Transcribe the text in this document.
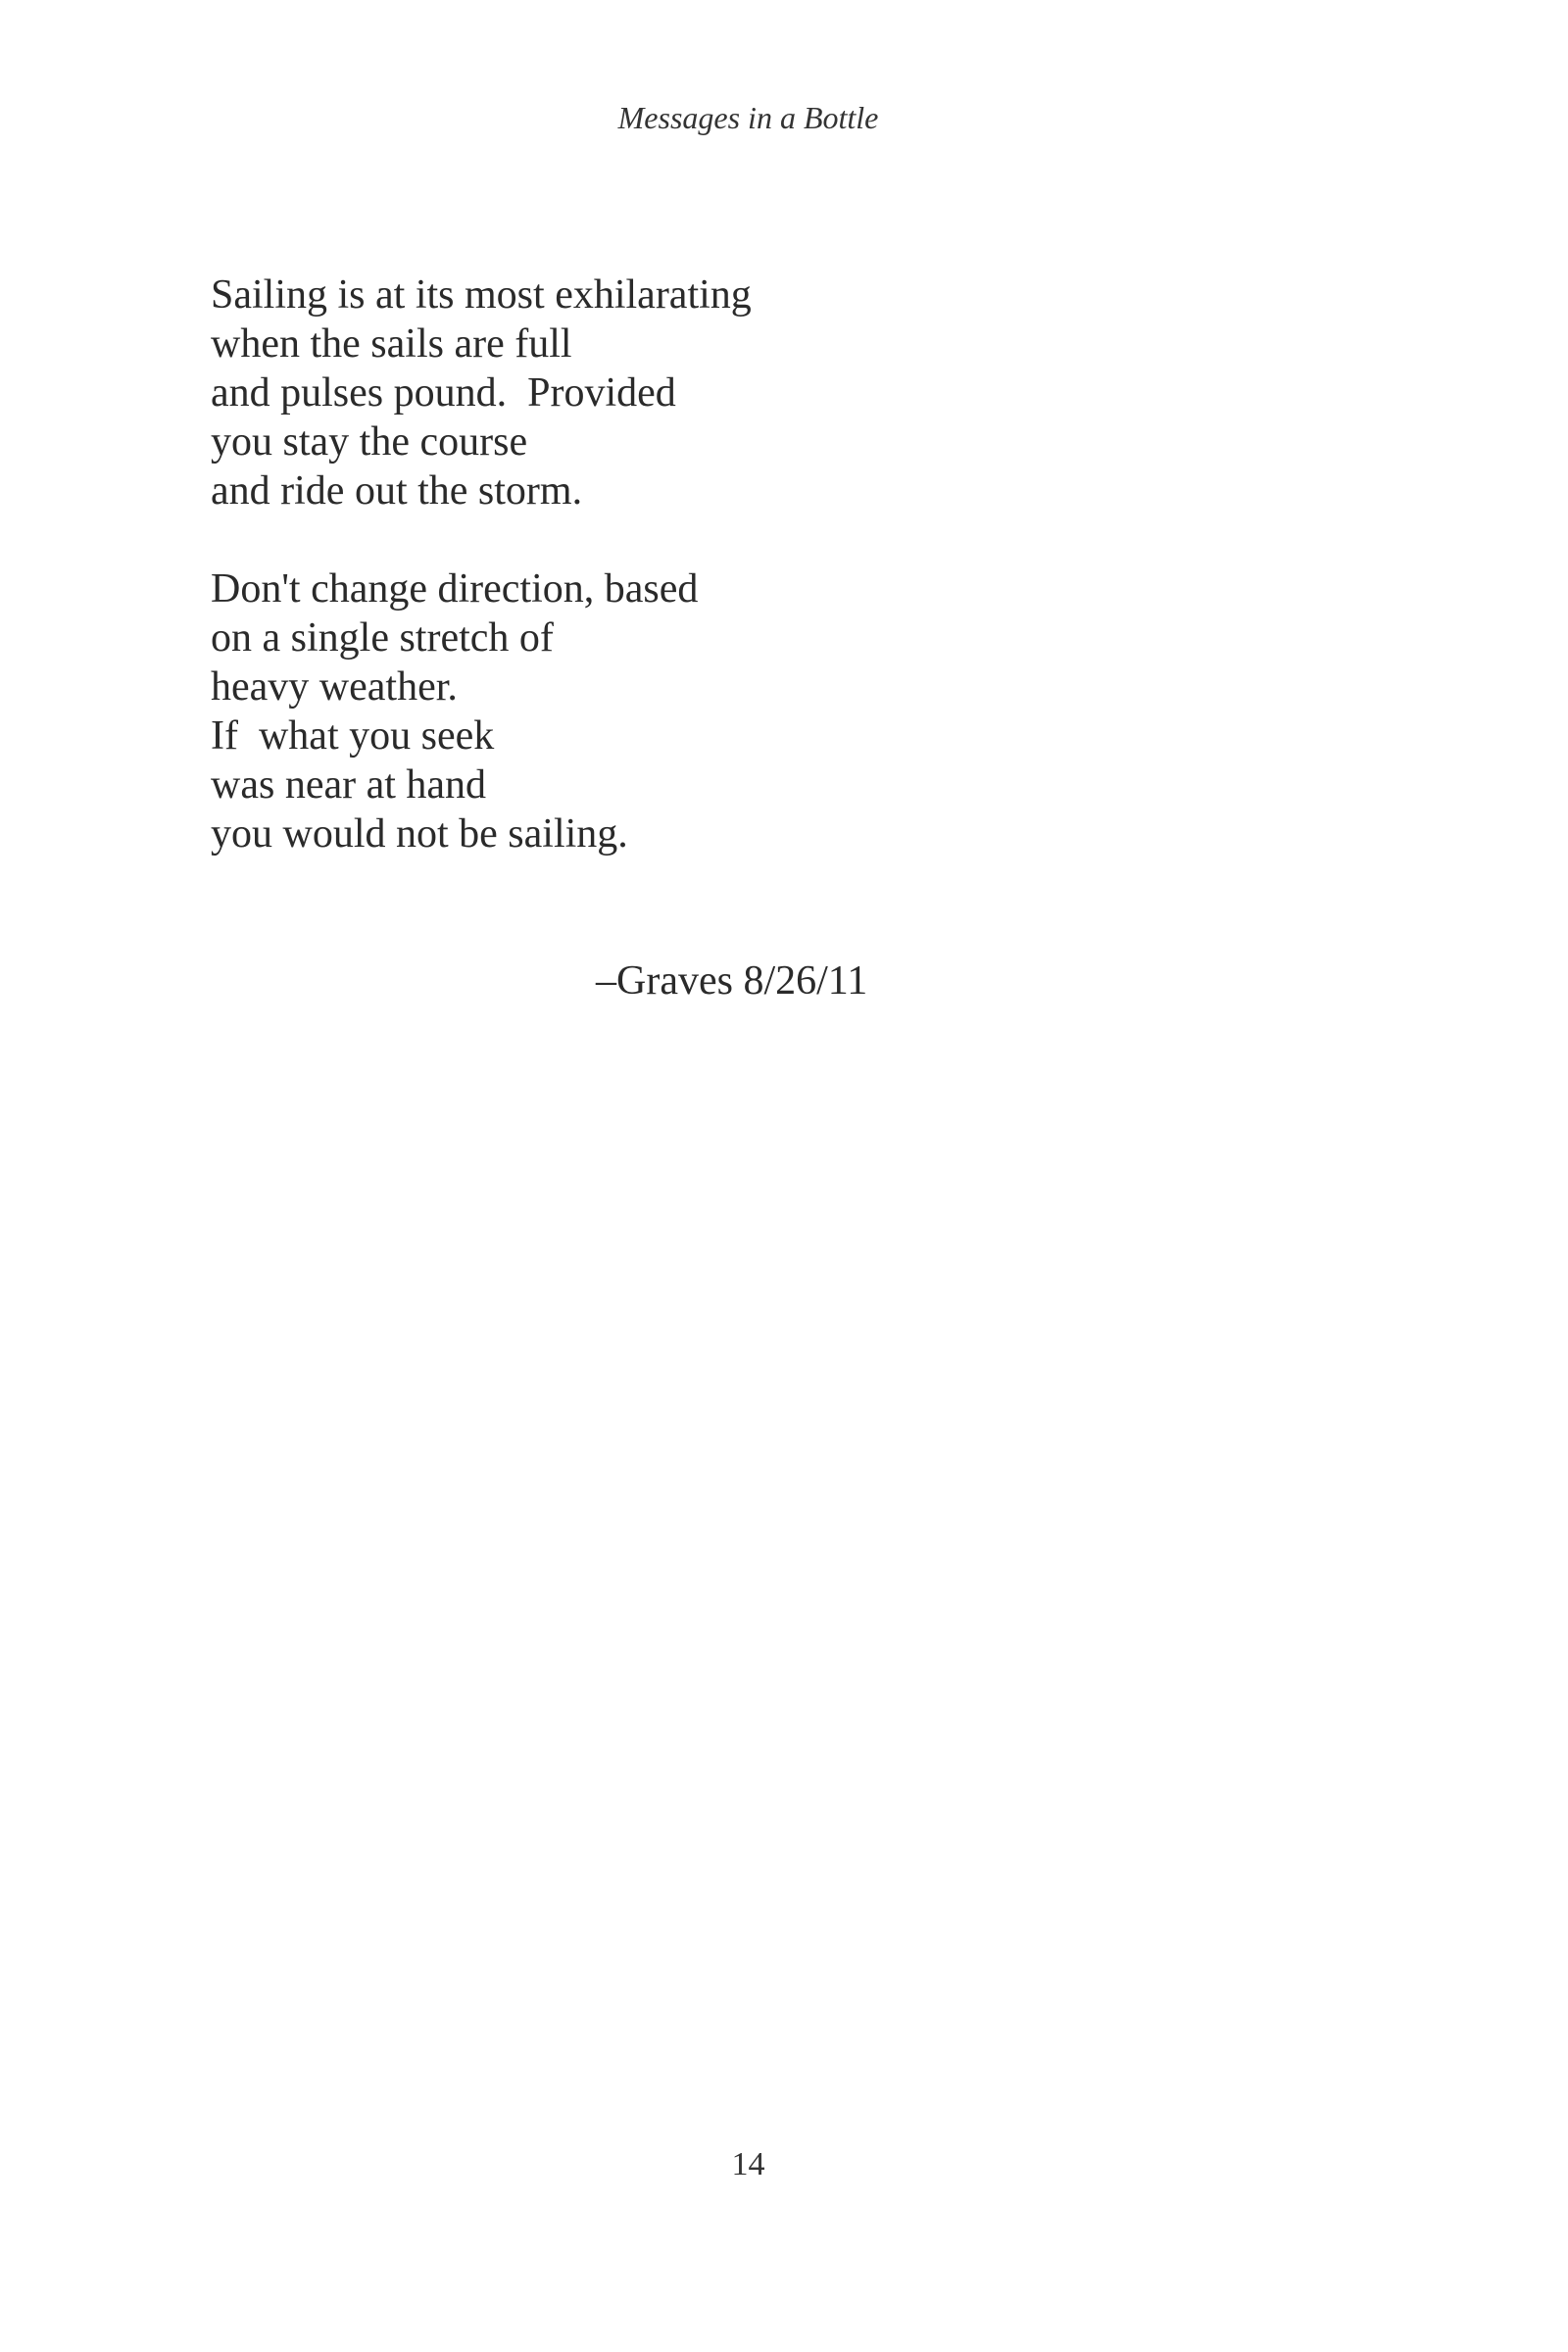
Messages in a Bottle
Sailing is at its most exhilarating
when the sails are full
and pulses pound.  Provided
you stay the course
and ride out the storm.
Don't change direction, based
on a single stretch of
heavy weather.
If  what you seek
was near at hand
you would not be sailing.
–Graves 8/26/11
14
